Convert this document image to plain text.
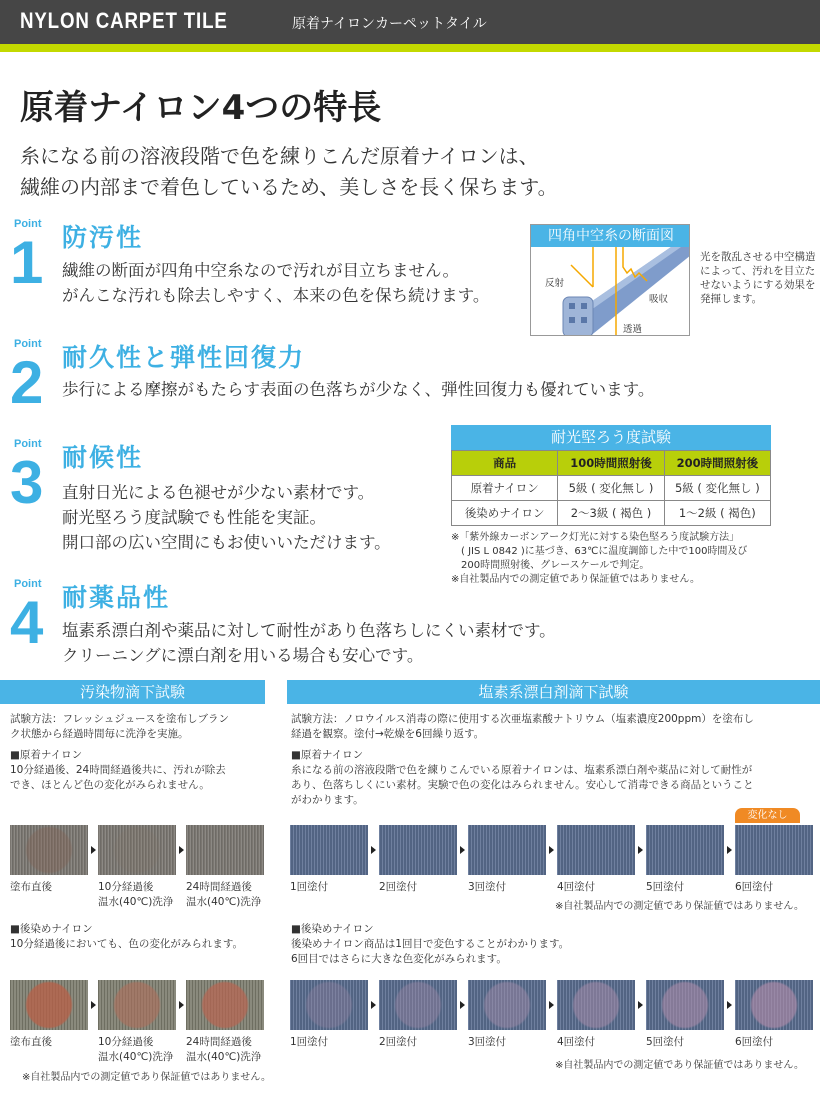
NYLON CARPET TILE	原着ナイロンカーペットタイル
原着ナイロン4つの特長
糸になる前の溶液段階で色を練りこんだ原着ナイロンは、
繊維の内部まで着色しているため、美しさを長く保ちます。
Point
1 防汚性
繊維の断面が四角中空糸なので汚れが目立ちません。
がんこな汚れも除去しやすく、本来の色を保ち続けます。
四角中空糸の断面図
反射
吸収
透過
光を散乱させる中空構造によって、汚れを目立たせないようにする効果を発揮します。
Point
2 耐久性と弾性回復力
歩行による摩擦がもたらす表面の色落ちが少なく、弾性回復力も優れています。
Point
3 耐候性
直射日光による色褪せが少ない素材です。
耐光堅ろう度試験でも性能を実証。
開口部の広い空間にもお使いいただけます。
耐光堅ろう度試験
商品	100時間照射後	200時間照射後
原着ナイロン	5級 ( 変化無し )	5級 ( 変化無し )
後染めナイロン	2〜3級 ( 褐色 )	1〜2級 ( 褐色)
※「紫外線カーボンアーク灯光に対する染色堅ろう度試験方法」
( JIS L 0842 )に基づき、63℃に温度調節した中で100時間及び
200時間照射後、グレースケールで判定。
※自社製品内での測定値であり保証値ではありません。
Point
4 耐薬品性
塩素系漂白剤や薬品に対して耐性があり色落ちしにくい素材です。
クリーニングに漂白剤を用いる場合も安心です。
汚染物滴下試験
試験方法：フレッシュジュースを塗布しブラン
ク状態から経過時間毎に洗浄を実施。
■原着ナイロン
10分経過後、24時間経過後共に、汚れが除去
でき、ほとんど色の変化がみられません。
■後染めナイロン
10分経過後においても、色の変化がみられます。
※自社製品内での測定値であり保証値ではありません。
塩素系漂白剤滴下試験
試験方法：ノロウイルス消毒の際に使用する次亜塩素酸ナトリウム（塩素濃度200ppm）を塗布し
経過を観察。塗付→乾燥を6回繰り返す。
■原着ナイロン
糸になる前の溶液段階で色を練りこんでいる原着ナイロンは、塩素系漂白剤や薬品に対して耐性が
あり、色落ちしくにい素材。実験で色の変化はみられません。安心して消毒できる商品ということ
がわかります。
変化なし
※自社製品内での測定値であり保証値ではありません。
■後染めナイロン
後染めナイロン商品は1回目で変色することがわかります。
6回目ではさらに大きな色変化がみられます。
※自社製品内での測定値であり保証値ではありません。
塗布直後	10分経過後
温水(40℃)洗浄
24時間経過後
温水(40℃)洗浄
塗布直後	10分経過後
温水(40℃)洗浄
24時間経過後
温水(40℃)洗浄
1回塗付	2回塗付	3回塗付	4回塗付	5回塗付	6回塗付
1回塗付	2回塗付	3回塗付	4回塗付	5回塗付	6回塗付
